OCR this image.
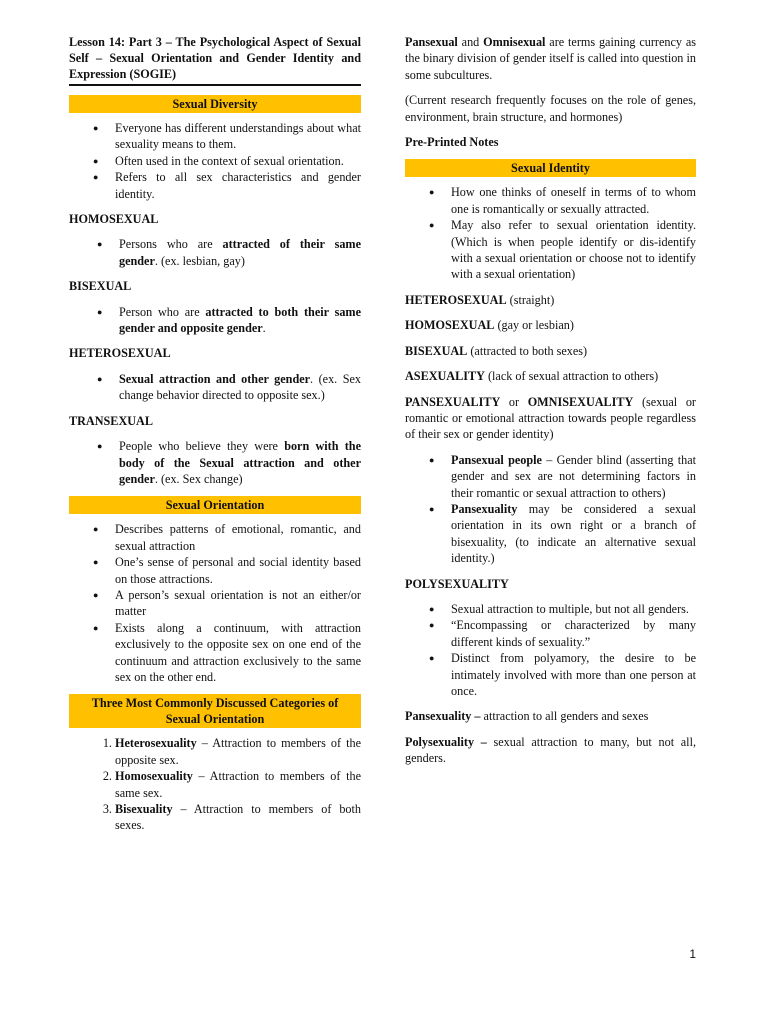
Lesson 14: Part 3 – The Psychological Aspect of Sexual Self – Sexual Orientation and Gender Identity and Expression (SOGIE)
Sexual Diversity
● Everyone has different understandings about what sexuality means to them.
● Often used in the context of sexual orientation.
● Refers to all sex characteristics and gender identity.
HOMOSEXUAL
● Persons who are attracted of their same gender. (ex. lesbian, gay)
BISEXUAL
● Person who are attracted to both their same gender and opposite gender.
HETEROSEXUAL
● Sexual attraction and other gender. (ex. Sex change behavior directed to opposite sex.)
TRANSEXUAL
● People who believe they were born with the body of the Sexual attraction and other gender. (ex. Sex change)
Sexual Orientation
● Describes patterns of emotional, romantic, and sexual attraction
● One’s sense of personal and social identity based on those attractions.
● A person’s sexual orientation is not an either/or matter
● Exists along a continuum, with attraction exclusively to the opposite sex on one end of the continuum and attraction exclusively to the same sex on the other end.
Three Most Commonly Discussed Categories of Sexual Orientation
1. Heterosexuality – Attraction to members of the opposite sex.
2. Homosexuality – Attraction to members of the same sex.
3. Bisexuality – Attraction to members of both sexes.

Pansexual and Omnisexual are terms gaining currency as the binary division of gender itself is called into question in some subcultures.

(Current research frequently focuses on the role of genes, environment, brain structure, and hormones)

Pre-Printed Notes
Sexual Identity
● How one thinks of oneself in terms of to whom one is romantically or sexually attracted.
● May also refer to sexual orientation identity. (Which is when people identify or dis-identify with a sexual orientation or choose not to identify with a sexual orientation)

HETEROSEXUAL (straight)

HOMOSEXUAL (gay or lesbian)

BISEXUAL (attracted to both sexes)

ASEXUALITY (lack of sexual attraction to others)

PANSEXUALITY or OMNISEXUALITY (sexual or romantic or emotional attraction towards people regardless of their sex or gender identity)

● Pansexual people – Gender blind (asserting that gender and sex are not determining factors in their romantic or sexual attraction to others)
● Pansexuality may be considered a sexual orientation in its own right or a branch of bisexuality, (to indicate an alternative sexual identity.)
POLYSEXUALITY
● Sexual attraction to multiple, but not all genders.
● “Encompassing or characterized by many different kinds of sexuality.”
● Distinct from polyamory, the desire to be intimately involved with more than one person at once.

Pansexuality – attraction to all genders and sexes

Polysexuality – sexual attraction to many, but not all, genders.

1
